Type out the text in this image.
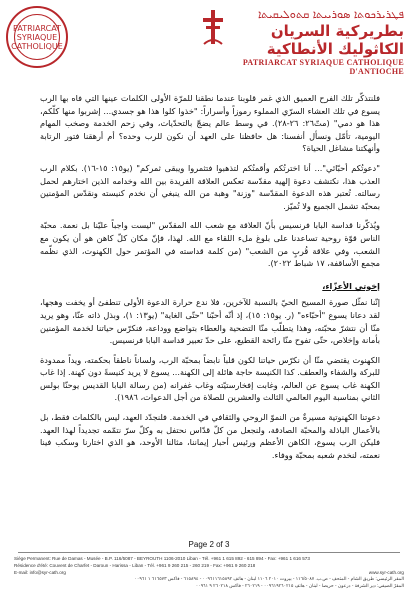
PATRIARCAT SYRIAQUE CATHOLIQUE
ܦܛܪܝܪܟܘܬܐ ܣܘܪܝܝܬܐ ܩܬܘܠܝܩܝܬܐ
بطريركية السريان الكاثوليك الأنطاكية
PATRIARCAT SYRIAQUE CATHOLIQUE D'ANTIOCHE

فلنتذكّر تلك الفرح العميق الذي غمر قلوبنا عندما نطقنا للمرّة الأولى الكلمات عينها التي فاه بها الرب يسوع في تلك العشاء السرّي المملوء رموزاً وأسراراً: "خذوا كلوا هذا هو جسدي... إشربوا منها كلّكم، هذا هو دمي" (متّ٢٦: ٢٦-٢٨). في وسط عالم يضجّ بالتحدّيات، وفي زحم الخدمة وصخب المهام اليومية، تأمّل ونسأل أنفسنا: هل حافظنا على العهد أن نكون للرب وحده؟ أم أرهقنا فتور الرتابة وأنهكتنا مشاغل الحياة؟

"دعوتُكم أحبّائي"... أنا اخترتُكم وأقمتُكم لتذهبوا فتثمروا ويبقى ثمركم" (يو١٥: ١٥-١٦). بكلام الرب العذب هذا، نكتشف دعوة إلهية مقدّسة تعكس العلاقة الفريدة بين الله وخدامه الذين اختارهم لحمل رسالته. تُعتبر هذه الدعوة المقدّسة "وزنة" وهبة من الله ينبغي أن نخدم كنيسته ونقدّس المؤمنين بمحبّة تشمل الجميع ولا تُميّز.

ويُذكّرنا قداسة البابا فرنسيس بأنّ العلاقة مع شعب الله المقدّس "ليست واجباً عليّنا بل نعمة. محبّة الناس قوّة روحية تساعدنا على بلوغ ملء اللقاء مع الله. لهذا، فإنّ مكان كلّ كاهن هو أن يكون مع الشعب، وفي علاقة قُربٍ من الشعب" (من كلمة قداسته في المؤتمر حول الكهنوت، الذي نظّمه مجمع الأساقفة، ١٧ شباط ٢٠٢٢).

إخوتي الأعزّاء،

إنّنا نمثّل صورة المسيح الحيّ بالنسبة للآخرين، فلا ندع حرارة الدعوة الأولى تنطفئ أو يخفت وهجها، لقد دعانا يسوع "أحبّاءه" (ر. يو١٥: ١٥)، إذ أنّه أحبّنا "حتّى الغاية" (يو١٣: ١)، وبذل ذاته عنّا، وهو يريد منّا أن نتشرّ محبّته، وهذا يتطلّب منّا التضحية والعطاء بتواضع ووداعة، فنكرّس حياتنا لخدمة المؤمنين بأمانة وإخلاص، حتّى تفوح منّا رائحة القطيع، على حدّ تعبير قداسة البابا فرنسيس.

الكهنوت يقتضي منّا أن نكرّس حياتنا لكون قلباً نابضاً بمحبّة الرب، ولساناً ناطقاً بحكمته، ويداً ممدودة للبركة والشفاء والعطف. كذا الكنيسة حاجة هائلة إلى الكهنة... يسوع لا يريد كنيسةً دون كهنة. إذا غاب الكهنة غاب يسوع عن العالم، وغابت إفخارستيّته وغاب غفرانه (من رسالة البابا القديس يوحنّا بولس الثاني بمناسبة اليوم العالمي الثالث والعشرين للصلاة من أجل الدعوات، ١٩٨٦).

دعوتنا الكهنوتية مسيرةٌ من النموّ الروحي والثقافي في الخدمة. فلنجدّد العهد، ليس بالكلمات فقط، بل بالأعمال الباذلة والمحبّة الصادقة، ولنجعل من كلّ قدّاس نحتفل به وكلّ سرّ نتمّمه تجديداً لهذا العهد. فليكن الرب يسوع، الكاهن الأعظم ورئيس أحبار إيماننا، مثالنا الأوحد، هو الذي اختارنا وسكب فينا نعمته، لنخدم شعبه بمحبّة ووفاء.

Page 2 of 3
Siège Permanent: Rue de Damas - Musée - B.P. 116/5087 - BEYROUTH 1106-2010 Liban - Tél. +961 1 615 892 - 615 894 - Fax: +961 1 616 573
Résidence d'été: Couvent de Charfet - Daroun - Harissa - Liban - Tél. +961 9 260 215 - 260 219 - Fax: +961 9 260 218
E-mail: info@syr-cath.org	www.syr-cath.org
المقر الرئيسي: طريق الشام - المتحف - ص.ب. ١١٦/٥٠٨٧ - بيروت ٢٠١٠ ١١٠٦ لبنان - هاتف ٠٠٩٦١١٦١٥٨٩٢ - ٦١٥٨٩٤ - فاكس ٦١٦٥٧٣ ١ ٠٠٩٦١
المقرّ الصيفي: دير الشرفة - درعون - حريصا - لبنان - هاتف ٠٠٩٦١٩٢٦٠٢١٥ - ٢٦٠٢١٩ - فاكس ٢٦٠٢١٨ ٩ ٠٠٩٦١
